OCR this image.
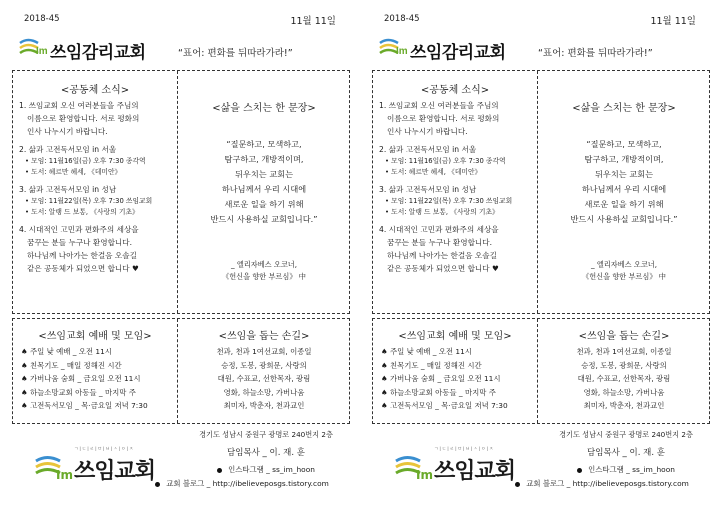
2018-45	11월 11일
Im 쓰임감리교회	“표어: 편화를 뒤따라가라!”
<공동체 소식>
1. 쓰임교회 오신 여러분들을 주님의
이름으로 환영합니다. 서로 평화의
인사 나누시기 바랍니다.
2. 삶과 고전독서모임 in 서울
• 모임: 11월16일(금) 오후 7:30 종각역
• 도서: 헤르만 헤세, 《데미안》
3. 삶과 고전독서모임 in 성남
• 모임: 11월22일(목) 오후 7:30 쓰임교회
• 도서: 알랭 드 보통, 《사랑의 기초》
4. 시대적인 고민과 편화주의 세상을
꿈꾸는 분들 누구나 환영합니다.
하나님께 나아가는 한걸음 오솔길
같은 공동체가 되었으면 합니다 ♥
<삶을 스치는 한 문장>
“질문하고, 모색하고,
탐구하고, 개방적이며,
뒤우치는 교회는
하나님께서 우리 시대에
새로운 일을 하기 위해
반드시 사용하실 교회입니다.”
_ 엘리자베스 오코너,
《헌신을 향한 부르심》 中
<쓰임교회 예배 및 모임>
♠ 주일 낮 예배 _ 오전 11시
♠ 친목기도 _ 매일 정해진 시간
♠ 가버나움 숨회 _ 금요일 오전 11시
♠ 하늘소망교회 아동들 _ 마지막 주
♠ 고전독서모임 _ 목·금요일 저녁 7:30
<쓰임을 돕는 손길>
천과, 천과 1여선교회, 이종일
승정, 도봉, 광희문, 사랑의
대원, 수표교, 선한목자, 광림
영화, 하늘소망, 가버나움
최미자, 박춘자, 천과교인
경기도 성남시 중원구 광명로 240번지 2층
담임목사 _ 이. 재. 훈
ㄱ|ㄷ|ㄹ|ㅁ|ㅂ|ㅅ|ㅇ|ㅈ
Im 쓰임교회	인스타그램 _ ss_im_hoon
교회 블로그 _ http://ibelieveposgs.tistory.com
2018-45	11월 11일
Im 쓰임감리교회	“표어: 편화를 뒤따라가라!”
<공동체 소식>
1. 쓰임교회 오신 여러분들을 주님의
이름으로 환영합니다. 서로 평화의
인사 나누시기 바랍니다.
2. 삶과 고전독서모임 in 서울
• 모임: 11월16일(금) 오후 7:30 종각역
• 도서: 헤르만 헤세, 《데미안》
3. 삶과 고전독서모임 in 성남
• 모임: 11월22일(목) 오후 7:30 쓰임교회
• 도서: 알랭 드 보통, 《사랑의 기초》
4. 시대적인 고민과 편화주의 세상을
꿈꾸는 분들 누구나 환영합니다.
하나님께 나아가는 한걸음 오솔길
같은 공동체가 되었으면 합니다 ♥
<삶을 스치는 한 문장>
“질문하고, 모색하고,
탐구하고, 개방적이며,
뒤우치는 교회는
하나님께서 우리 시대에
새로운 일을 하기 위해
반드시 사용하실 교회입니다.”
_ 엘리자베스 오코너,
《헌신을 향한 부르심》 中
<쓰임교회 예배 및 모임>
♠ 주일 낮 예배 _ 오전 11시
♠ 친목기도 _ 매일 정해진 시간
♠ 가버나움 숨회 _ 금요일 오전 11시
♠ 하늘소망교회 아동들 _ 마지막 주
♠ 고전독서모임 _ 목·금요일 저녁 7:30
<쓰임을 돕는 손길>
천과, 천과 1여선교회, 이종일
승정, 도봉, 광희문, 사랑의
대원, 수표교, 선한목자, 광림
영화, 하늘소망, 가버나움
최미자, 박춘자, 천과교인
경기도 성남시 중원구 광명로 240번지 2층
담임목사 _ 이. 재. 훈
ㄱ|ㄷ|ㄹ|ㅁ|ㅂ|ㅅ|ㅇ|ㅈ
Im 쓰임교회	인스타그램 _ ss_im_hoon
교회 블로그 _ http://ibelieveposgs.tistory.com
